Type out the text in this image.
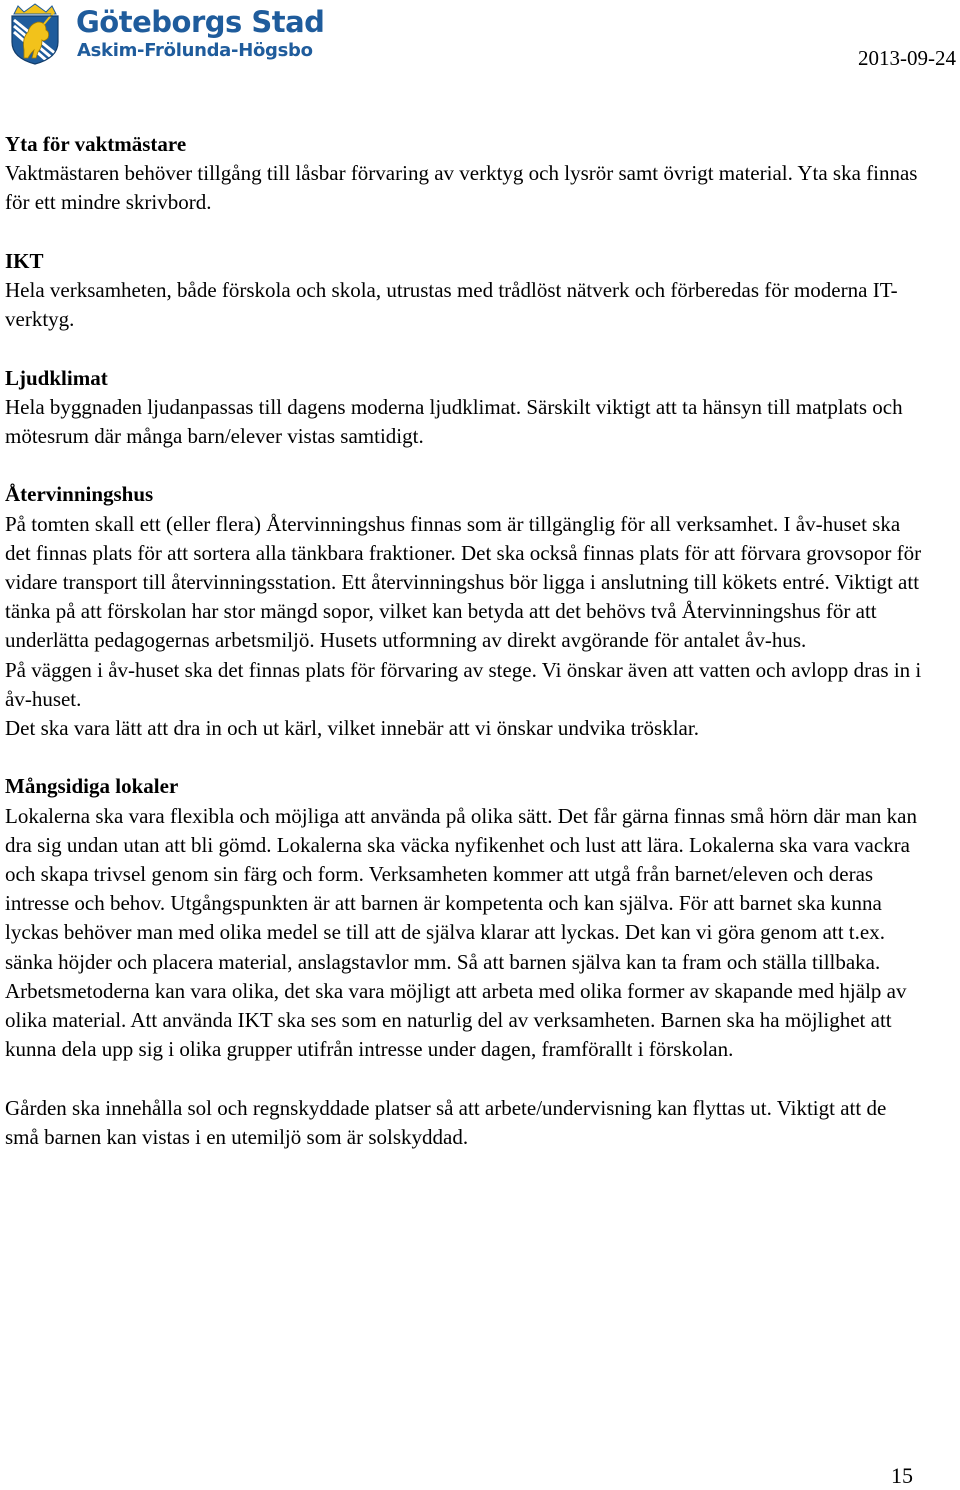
Göteborgs Stad
Askim-Frölunda-Högsbo	2013-09-24
Yta för vaktmästare

Vaktmästaren behöver tillgång till låsbar förvaring av verktyg och lysrör samt övrigt material. Yta ska finnas för ett mindre skrivbord.

IKT

Hela verksamheten, både förskola och skola, utrustas med trådlöst nätverk och förberedas för moderna IT-verktyg.

Ljudklimat

Hela byggnaden ljudanpassas till dagens moderna ljudklimat. Särskilt viktigt att ta hänsyn till matplats och mötesrum där många barn/elever vistas samtidigt.

Återvinningshus

På tomten skall ett (eller flera) Återvinningshus finnas som är tillgänglig för all verksamhet. I åv-huset ska det finnas plats för att sortera alla tänkbara fraktioner. Det ska också finnas plats för att förvara grovsopor för vidare transport till återvinningsstation. Ett återvinningshus bör ligga i anslutning till kökets entré. Viktigt att tänka på att förskolan har stor mängd sopor, vilket kan betyda att det behövs två Återvinningshus för att underlätta pedagogernas arbetsmiljö. Husets utformning av direkt avgörande för antalet åv-hus.

På väggen i åv-huset ska det finnas plats för förvaring av stege. Vi önskar även att vatten och avlopp dras in i åv-huset.

Det ska vara lätt att dra in och ut kärl, vilket innebär att vi önskar undvika trösklar.

Mångsidiga lokaler

Lokalerna ska vara flexibla och möjliga att använda på olika sätt. Det får gärna finnas små hörn där man kan dra sig undan utan att bli gömd. Lokalerna ska väcka nyfikenhet och lust att lära. Lokalerna ska vara vackra och skapa trivsel genom sin färg och form. Verksamheten kommer att utgå från barnet/eleven och deras intresse och behov. Utgångspunkten är att barnen är kompetenta och kan själva. För att barnet ska kunna lyckas behöver man med olika medel se till att de själva klarar att lyckas. Det kan vi göra genom att t.ex. sänka höjder och placera material, anslagstavlor mm. Så att barnen själva kan ta fram och ställa tillbaka.

Arbetsmetoderna kan vara olika, det ska vara möjligt att arbeta med olika former av skapande med hjälp av olika material. Att använda IKT ska ses som en naturlig del av verksamheten. Barnen ska ha möjlighet att kunna dela upp sig i olika grupper utifrån intresse under dagen, framförallt i förskolan.

Gården ska innehålla sol och regnskyddade platser så att arbete/undervisning kan flyttas ut. Viktigt att de små barnen kan vistas i en utemiljö som är solskyddad.

15
